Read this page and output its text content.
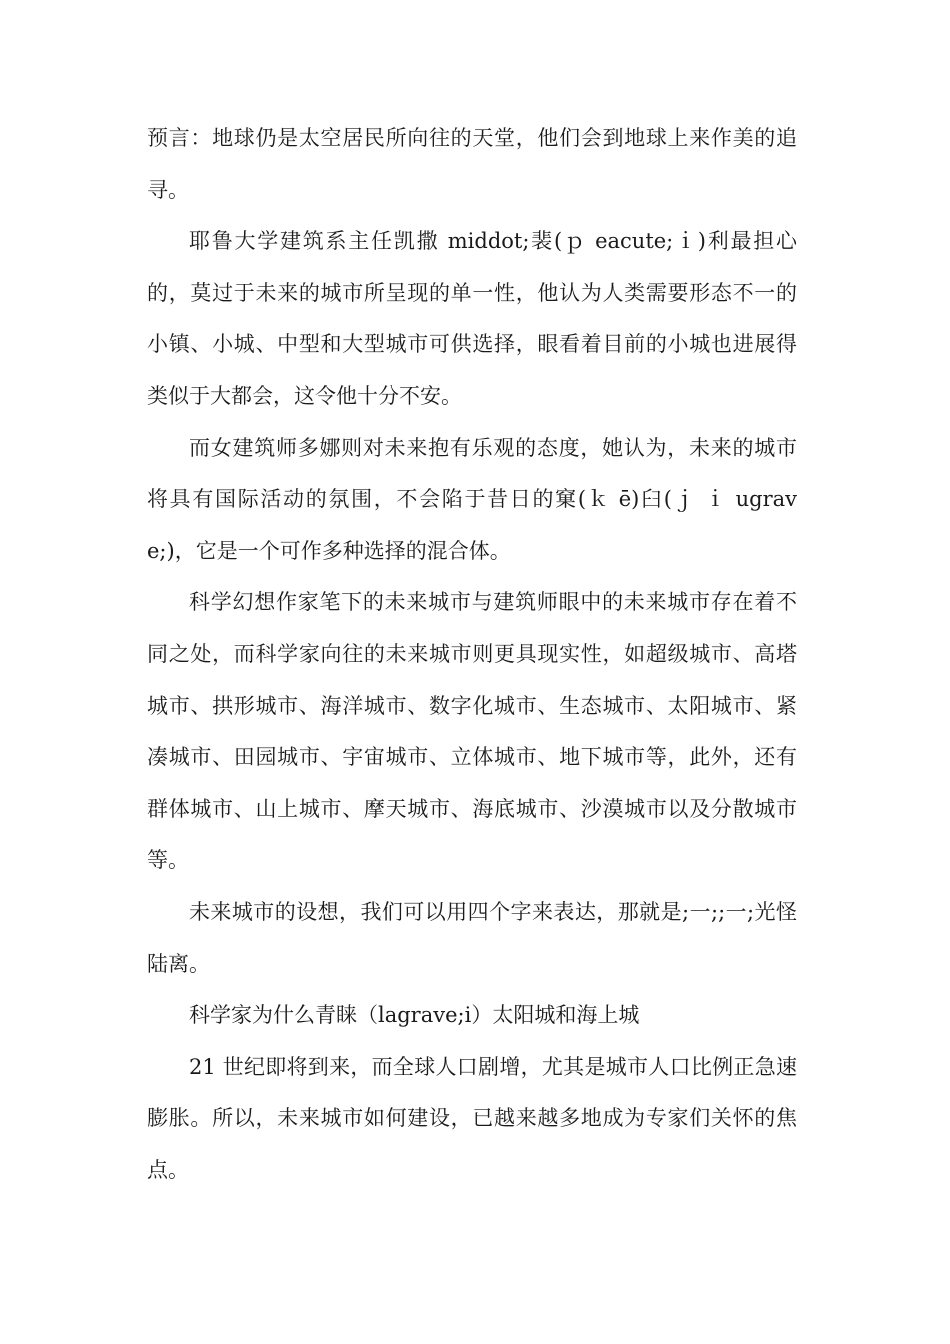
预言：地球仍是太空居民所向往的天堂，他们会到地球上来作美的追寻。

耶鲁大学建筑系主任凯撒 middot;裴(ｐ eacute;ｉ)利最担心的，莫过于未来的城市所呈现的单一性，他认为人类需要形态不一的小镇、小城、中型和大型城市可供选择，眼看着目前的小城也进展得类似于大都会，这令他十分不安。

而女建筑师多娜则对未来抱有乐观的态度，她认为，未来的城市将具有国际活动的氛围，不会陷于昔日的窠(ｋ ē)臼(ｊ ｉ ugrave;)，它是一个可作多种选择的混合体。

科学幻想作家笔下的未来城市与建筑师眼中的未来城市存在着不同之处，而科学家向往的未来城市则更具现实性，如超级城市、高塔城市、拱形城市、海洋城市、数字化城市、生态城市、太阳城市、紧凑城市、田园城市、宇宙城市、立体城市、地下城市等，此外，还有群体城市、山上城市、摩天城市、海底城市、沙漠城市以及分散城市等。

未来城市的设想，我们可以用四个字来表达，那就是;一;;一;光怪陆离。

科学家为什么青睐（lagrave;i）太阳城和海上城

21 世纪即将到来，而全球人口剧增，尤其是城市人口比例正急速膨胀。所以，未来城市如何建设，已越来越多地成为专家们关怀的焦点。
